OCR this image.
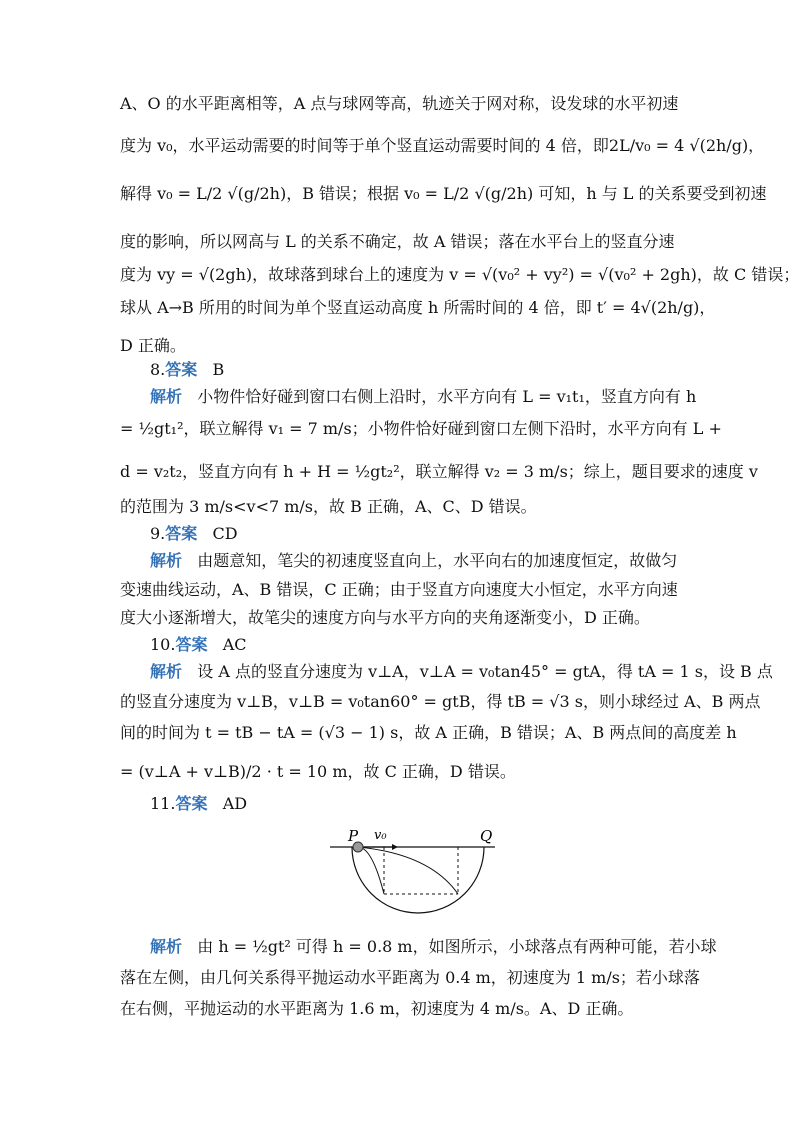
A、O 的水平距离相等，A 点与球网等高，轨迹关于网对称，设发球的水平初速
度为 v₀，水平运动需要的时间等于单个竖直运动需要时间的 4 倍，即2L/v₀ = 4 √(2h/g)，
解得 v₀ = L/2 √(g/2h)，B 错误；根据 v₀ = L/2 √(g/2h) 可知，h 与 L 的关系要受到初速
度的影响，所以网高与 L 的关系不确定，故 A 错误；落在水平台上的竖直分速
度为 vy = √(2gh)，故球落到球台上的速度为 v = √(v₀² + vy²) = √(v₀² + 2gh)，故 C 错误；
球从 A→B 所用的时间为单个竖直运动高度 h 所需时间的 4 倍，即 t′ = 4√(2h/g)，
D 正确。
8.答案 B
解析 小物件恰好碰到窗口右侧上沿时，水平方向有 L = v₁t₁，竖直方向有 h
= ½gt₁²，联立解得 v₁ = 7 m/s；小物件恰好碰到窗口左侧下沿时，水平方向有 L +
d = v₂t₂，竖直方向有 h + H = ½gt₂²，联立解得 v₂ = 3 m/s；综上，题目要求的速度 v
的范围为 3 m/s<v<7 m/s，故 B 正确，A、C、D 错误。
9.答案 CD
解析 由题意知，笔尖的初速度竖直向上，水平向右的加速度恒定，故做匀
变速曲线运动，A、B 错误，C 正确；由于竖直方向速度大小恒定，水平方向速
度大小逐渐增大，故笔尖的速度方向与水平方向的夹角逐渐变小，D 正确。
10.答案 AC
解析 设 A 点的竖直分速度为 v⊥A，v⊥A = v₀tan45° = gtA，得 tA = 1 s，设 B 点
的竖直分速度为 v⊥B，v⊥B = v₀tan60° = gtB，得 tB = √3 s，则小球经过 A、B 两点
间的时间为 t = tB − tA = (√3 − 1) s，故 A 正确，B 错误；A、B 两点间的高度差 h
= (v⊥A + v⊥B)/2 · t = 10 m，故 C 正确，D 错误。
11.答案 AD
P v₀	Q
解析 由 h = ½gt² 可得 h = 0.8 m，如图所示，小球落点有两种可能，若小球
落在左侧，由几何关系得平抛运动水平距离为 0.4 m，初速度为 1 m/s；若小球落
在右侧，平抛运动的水平距离为 1.6 m，初速度为 4 m/s。A、D 正确。
